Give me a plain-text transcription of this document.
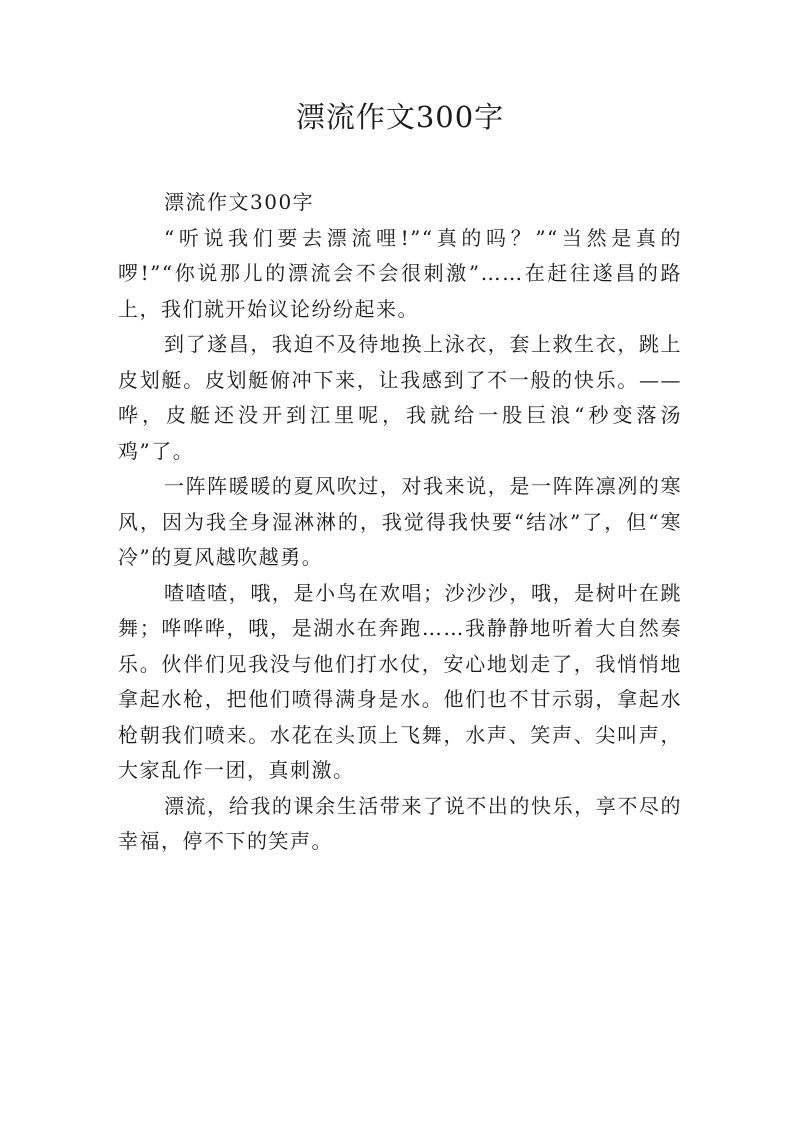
漂流作文300字

漂流作文300字

“听说我们要去漂流哩!”“真的吗？”“当然是真的啰!”“你说那儿的漂流会不会很刺激”……在赶往遂昌的路上，我们就开始议论纷纷起来。

到了遂昌，我迫不及待地换上泳衣，套上救生衣，跳上皮划艇。皮划艇俯冲下来，让我感到了不一般的快乐。——哗，皮艇还没开到江里呢，我就给一股巨浪“秒变落汤鸡”了。

一阵阵暖暖的夏风吹过，对我来说，是一阵阵凛冽的寒风，因为我全身湿淋淋的，我觉得我快要“结冰”了，但“寒冷”的夏风越吹越勇。

喳喳喳，哦，是小鸟在欢唱；沙沙沙，哦，是树叶在跳舞；哗哗哗，哦，是湖水在奔跑……我静静地听着大自然奏乐。伙伴们见我没与他们打水仗，安心地划走了，我悄悄地拿起水枪，把他们喷得满身是水。他们也不甘示弱，拿起水枪朝我们喷来。水花在头顶上飞舞，水声、笑声、尖叫声，大家乱作一团，真刺激。

漂流，给我的课余生活带来了说不出的快乐，享不尽的幸福，停不下的笑声。
